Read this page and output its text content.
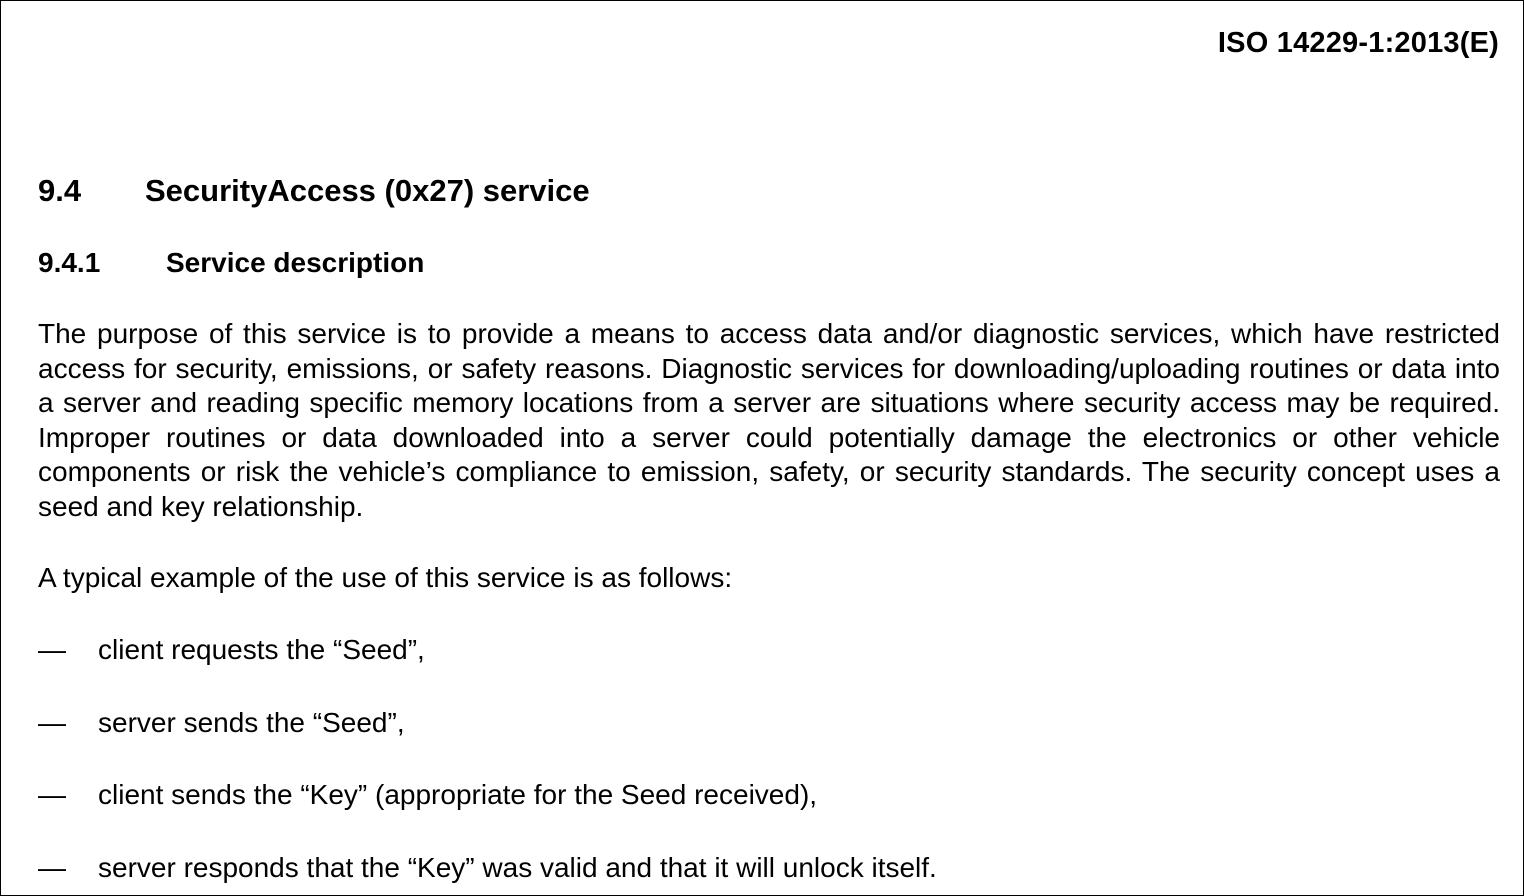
ISO 14229-1:2013(E)
9.4 SecurityAccess (0x27) service
9.4.1 Service description

The purpose of this service is to provide a means to access data and/or diagnostic services, which have restricted access for security, emissions, or safety reasons. Diagnostic services for downloading/uploading routines or data into a server and reading specific memory locations from a server are situations where security access may be required. Improper routines or data downloaded into a server could potentially damage the electronics or other vehicle components or risk the vehicle’s compliance to emission, safety, or security standards. The security concept uses a seed and key relationship.

A typical example of the use of this service is as follows:

— client requests the “Seed”,
— server sends the “Seed”,
— client sends the “Key” (appropriate for the Seed received),
— server responds that the “Key” was valid and that it will unlock itself.
